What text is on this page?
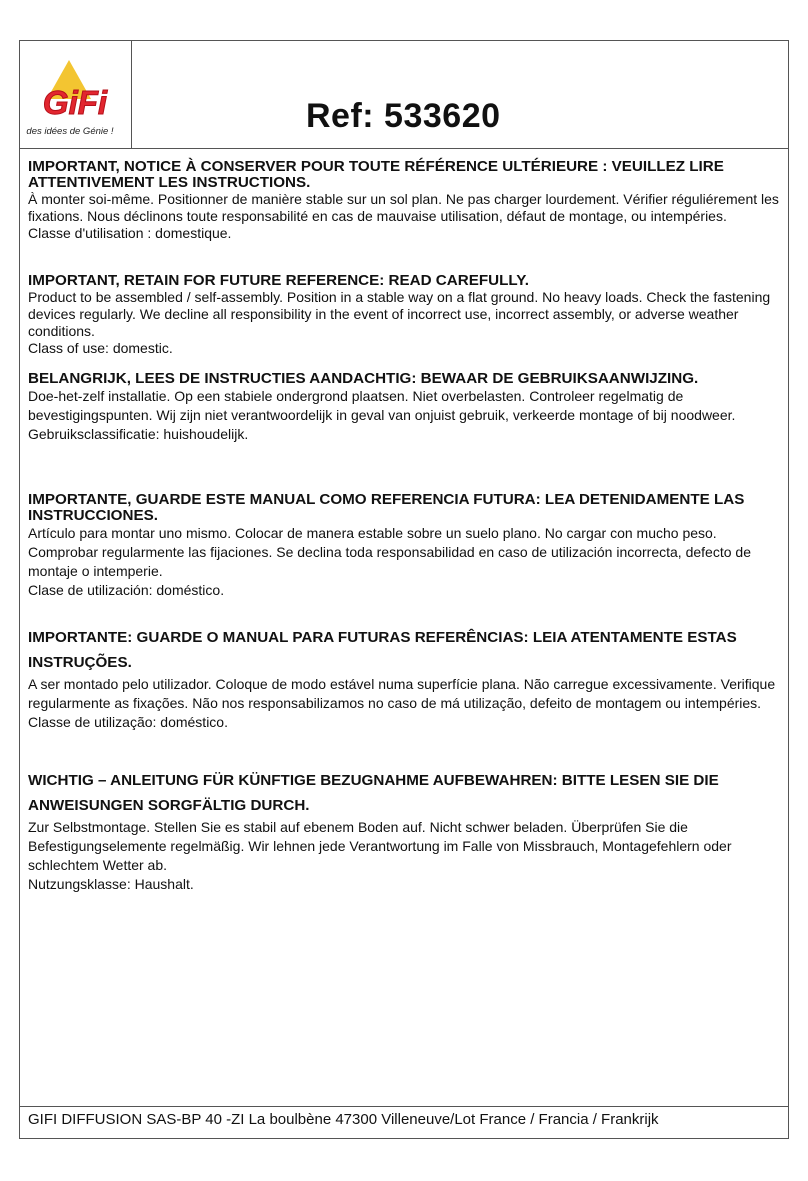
GiFi
des idées de Génie !	Ref: 533620

IMPORTANT, NOTICE À CONSERVER POUR TOUTE RÉFÉRENCE ULTÉRIEURE : VEUILLEZ LIRE ATTENTIVEMENT LES INSTRUCTIONS.

À monter soi-même. Positionner de manière stable sur un sol plan. Ne pas charger lourdement. Vérifier réguliérement les fixations. Nous déclinons toute responsabilité en cas de mauvaise utilisation, défaut de montage, ou intempéries.

Classe d'utilisation : domestique.

IMPORTANT, RETAIN FOR FUTURE REFERENCE: READ CAREFULLY.

Product to be assembled / self-assembly. Position in a stable way on a flat ground. No heavy loads. Check the fastening devices regularly. We decline all responsibility in the event of incorrect use, incorrect assembly, or adverse weather conditions.

Class of use: domestic.

BELANGRIJK, LEES DE INSTRUCTIES AANDACHTIG: BEWAAR DE GEBRUIKSAANWIJZING.

Doe-het-zelf installatie. Op een stabiele ondergrond plaatsen. Niet overbelasten. Controleer regelmatig de bevestigingspunten. Wij zijn niet verantwoordelijk in geval van onjuist gebruik, verkeerde montage of bij noodweer.

Gebruiksclassificatie: huishoudelijk.

IMPORTANTE, GUARDE ESTE MANUAL COMO REFERENCIA FUTURA: LEA DETENIDAMENTE LAS INSTRUCCIONES.

Artículo para montar uno mismo. Colocar de manera estable sobre un suelo plano. No cargar con mucho peso. Comprobar regularmente las fijaciones. Se declina toda responsabilidad en caso de utilización incorrecta, defecto de montaje o intemperie.

Clase de utilización: doméstico.

IMPORTANTE: GUARDE O MANUAL PARA FUTURAS REFERÊNCIAS: LEIA ATENTAMENTE ESTAS INSTRUÇÕES.

A ser montado pelo utilizador. Coloque de modo estável numa superfície plana. Não carregue excessivamente. Verifique regularmente as fixações. Não nos responsabilizamos no caso de má utilização, defeito de montagem ou intempéries.

Classe de utilização: doméstico.

WICHTIG – ANLEITUNG FÜR KÜNFTIGE BEZUGNAHME AUFBEWAHREN: BITTE LESEN SIE DIE ANWEISUNGEN SORGFÄLTIG DURCH.

Zur Selbstmontage. Stellen Sie es stabil auf ebenem Boden auf. Nicht schwer beladen. Überprüfen Sie die Befestigungselemente regelmäßig. Wir lehnen jede Verantwortung im Falle von Missbrauch, Montagefehlern oder schlechtem Wetter ab.

Nutzungsklasse: Haushalt.

GIFI DIFFUSION SAS-BP 40 -ZI La boulbène 47300 Villeneuve/Lot France / Francia / Frankrijk
